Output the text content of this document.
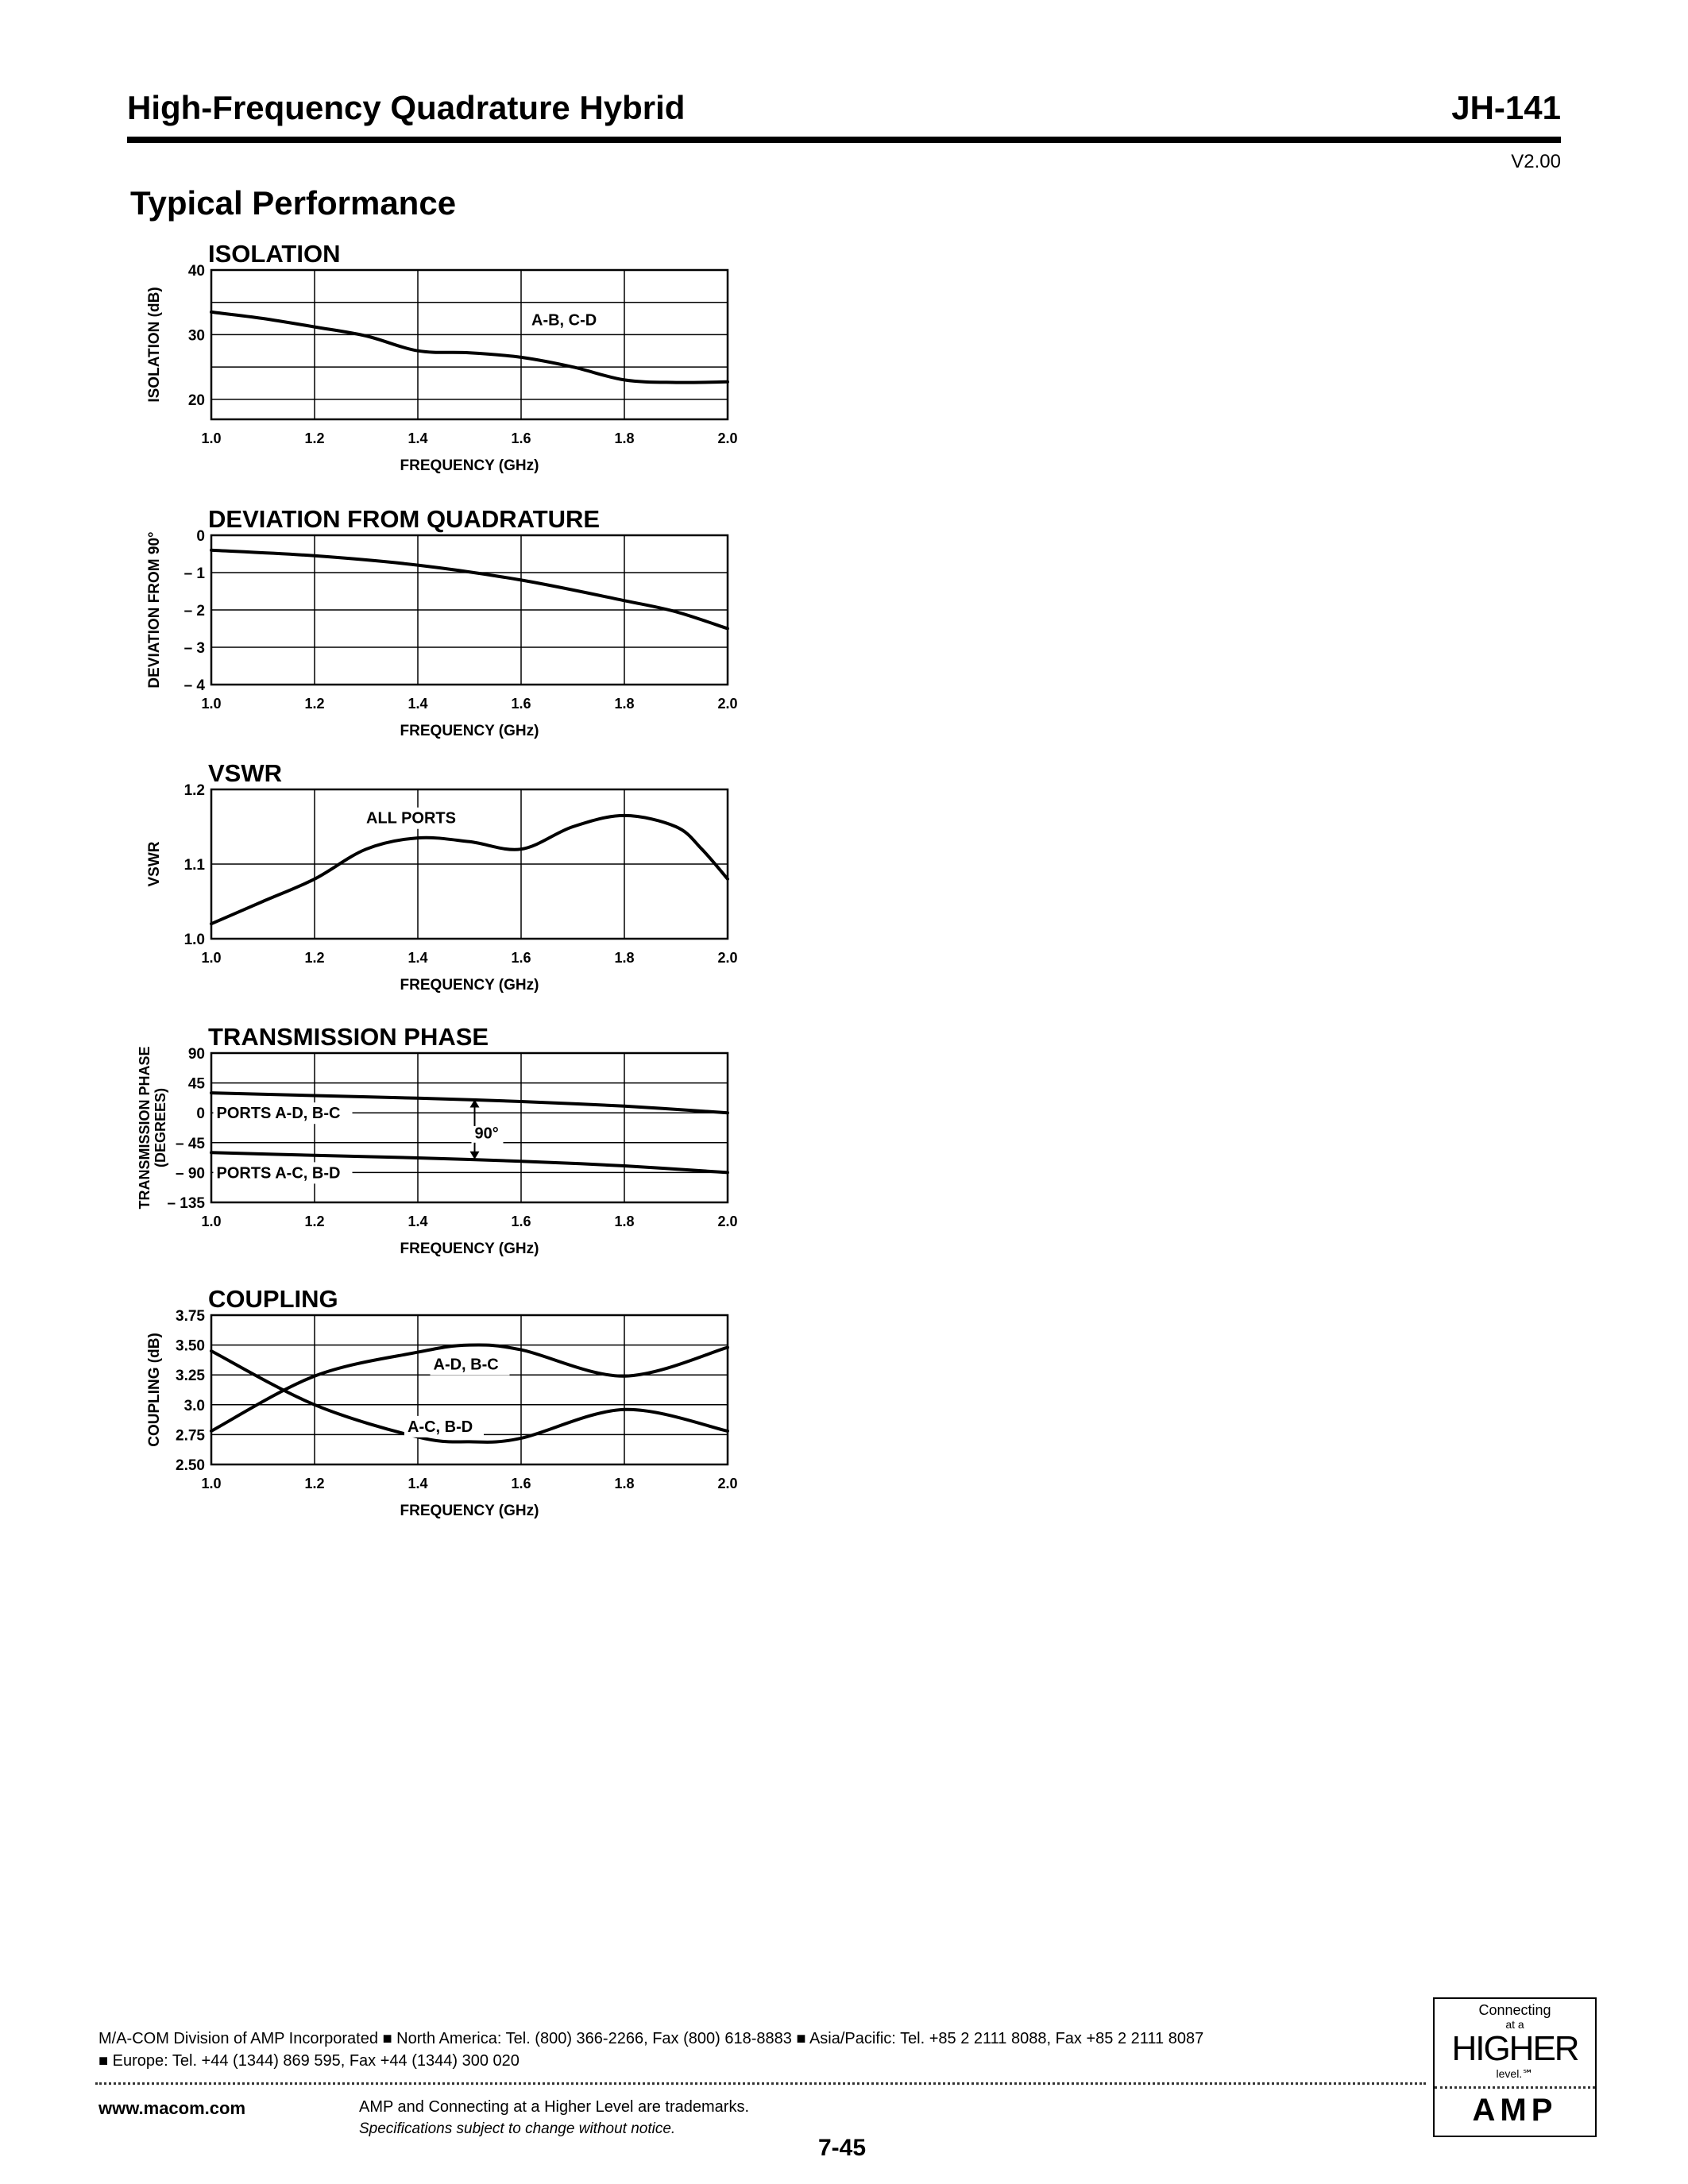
High-Frequency Quadrature Hybrid	JH-141
V2.00
Typical Performance
ISOLATION
1.0	1.2	1.4	1.6	1.8	2.0
40
30
20
FREQUENCY (GHz)
ISOLATION (dB)	A-B, C-D
DEVIATION FROM QUADRATURE
1.0	1.2	1.4	1.6	1.8	2.0
0
– 1
– 2
– 3
– 4
FREQUENCY (GHz)
DEVIATION FROM 90°
VSWR
1.0	1.2	1.4	1.6	1.8	2.0
1.2
1.1
1.0
FREQUENCY (GHz)
VSWR
ALL PORTS
TRANSMISSION PHASE
1.0	1.2	1.4	1.6	1.8	2.0
90
45
0
– 45
– 90
– 135
FREQUENCY (GHz)
TRANSMISSION PHASE (DEGREES)	PORTS A-D, B-C
PORTS A-C, B-D
90°
COUPLING
1.0	1.2	1.4	1.6	1.8	2.0
3.75
3.50
3.25
3.0
2.75
2.50
FREQUENCY (GHz)
COUPLING (dB)	A-D, B-C
A-C, B-D
M/A-COM Division of AMP Incorporated ■ North America: Tel. (800) 366-2266, Fax (800) 618-8883 ■ Asia/Pacific: Tel. +85 2 2111 8088, Fax +85 2 2111 8087
■ Europe: Tel. +44 (1344) 869 595, Fax +44 (1344) 300 020
www.macom.com	AMP and Connecting at a Higher Level are trademarks.
Specifications subject to change without notice.
7-45
Connecting
at a
HIGHER
level.℠
AMP
